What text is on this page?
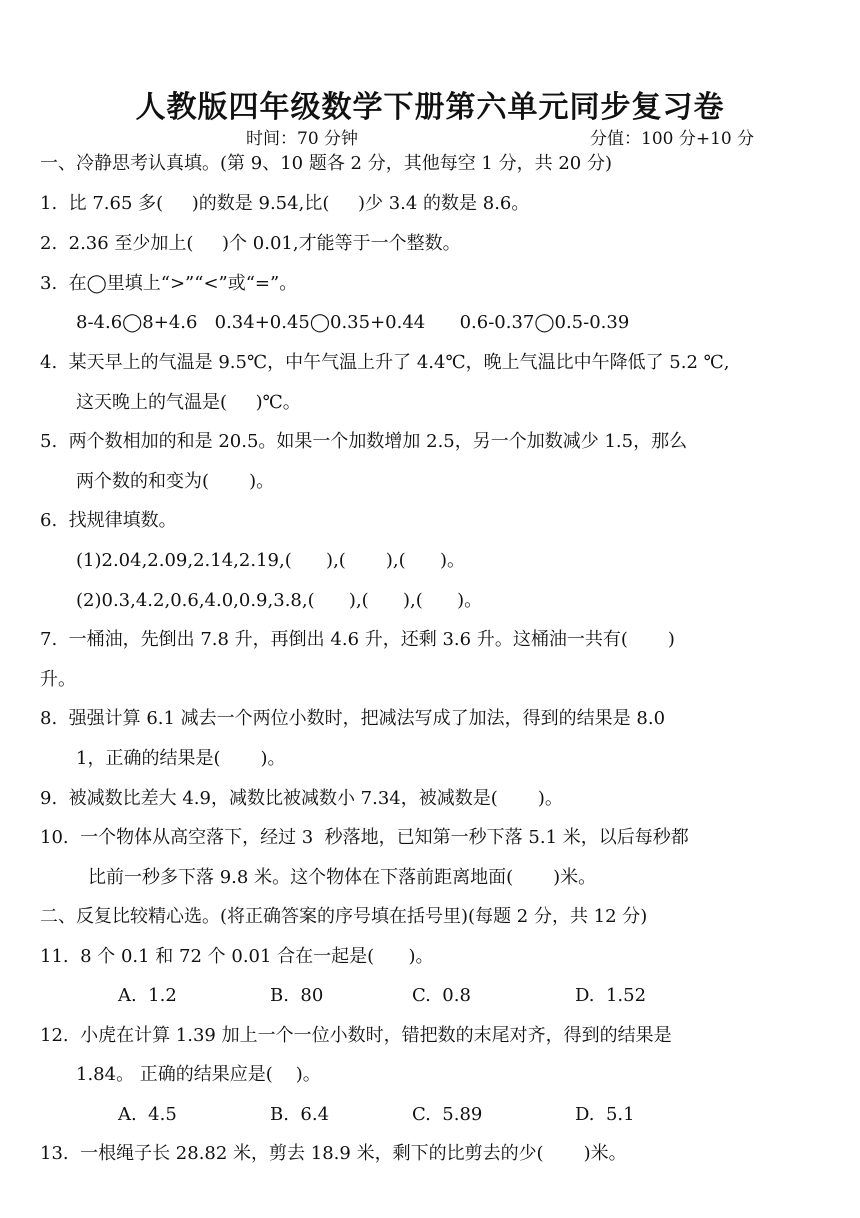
人教版四年级数学下册第六单元同步复习卷
时间：70 分钟	分值：100 分+10 分
一、冷静思考认真填。(第 9、10 题各 2 分，其他每空 1 分，共 20 分)
1.  比 7.65 多(     )的数是 9.54,比(     )少 3.4 的数是 8.6。
2.  2.36 至少加上(     )个 0.01,才能等于一个整数。
3.  在◯里填上“>”“<”或“=”。
8-4.6◯8+4.6   0.34+0.45◯0.35+0.44      0.6-0.37◯0.5-0.39
4.  某天早上的气温是 9.5℃，中午气温上升了 4.4℃，晚上气温比中午降低了 5.2 ℃,
这天晚上的气温是(     )℃。
5.  两个数相加的和是 20.5。如果一个加数增加 2.5，另一个加数减少 1.5，那么
两个数的和变为(       )。
6.  找规律填数。
(1)2.04,2.09,2.14,2.19,(      ),(       ),(      )。
(2)0.3,4.2,0.6,4.0,0.9,3.8,(      ),(      ),(      )。
7.  一桶油，先倒出 7.8 升，再倒出 4.6 升，还剩 3.6 升。这桶油一共有(       )
升。
8.  强强计算 6.1 减去一个两位小数时，把减法写成了加法，得到的结果是 8.0
1，正确的结果是(       )。
9.  被减数比差大 4.9，减数比被减数小 7.34，被减数是(       )。
10.  一个物体从高空落下，经过 3  秒落地，已知第一秒下落 5.1 米，以后每秒都
比前一秒多下落 9.8 米。这个物体在下落前距离地面(       )米。
二、反复比较精心选。(将正确答案的序号填在括号里)(每题 2 分，共 12 分)
11.  8 个 0.1 和 72 个 0.01 合在一起是(      )。
A.  1.2	B.  80	C.  0.8	D.  1.52
12.  小虎在计算 1.39 加上一个一位小数时，错把数的末尾对齐，得到的结果是
1.84。 正确的结果应是(    )。
A.  4.5	B.  6.4	C.  5.89	D.  5.1
13.  一根绳子长 28.82 米，剪去 18.9 米，剩下的比剪去的少(       )米。
